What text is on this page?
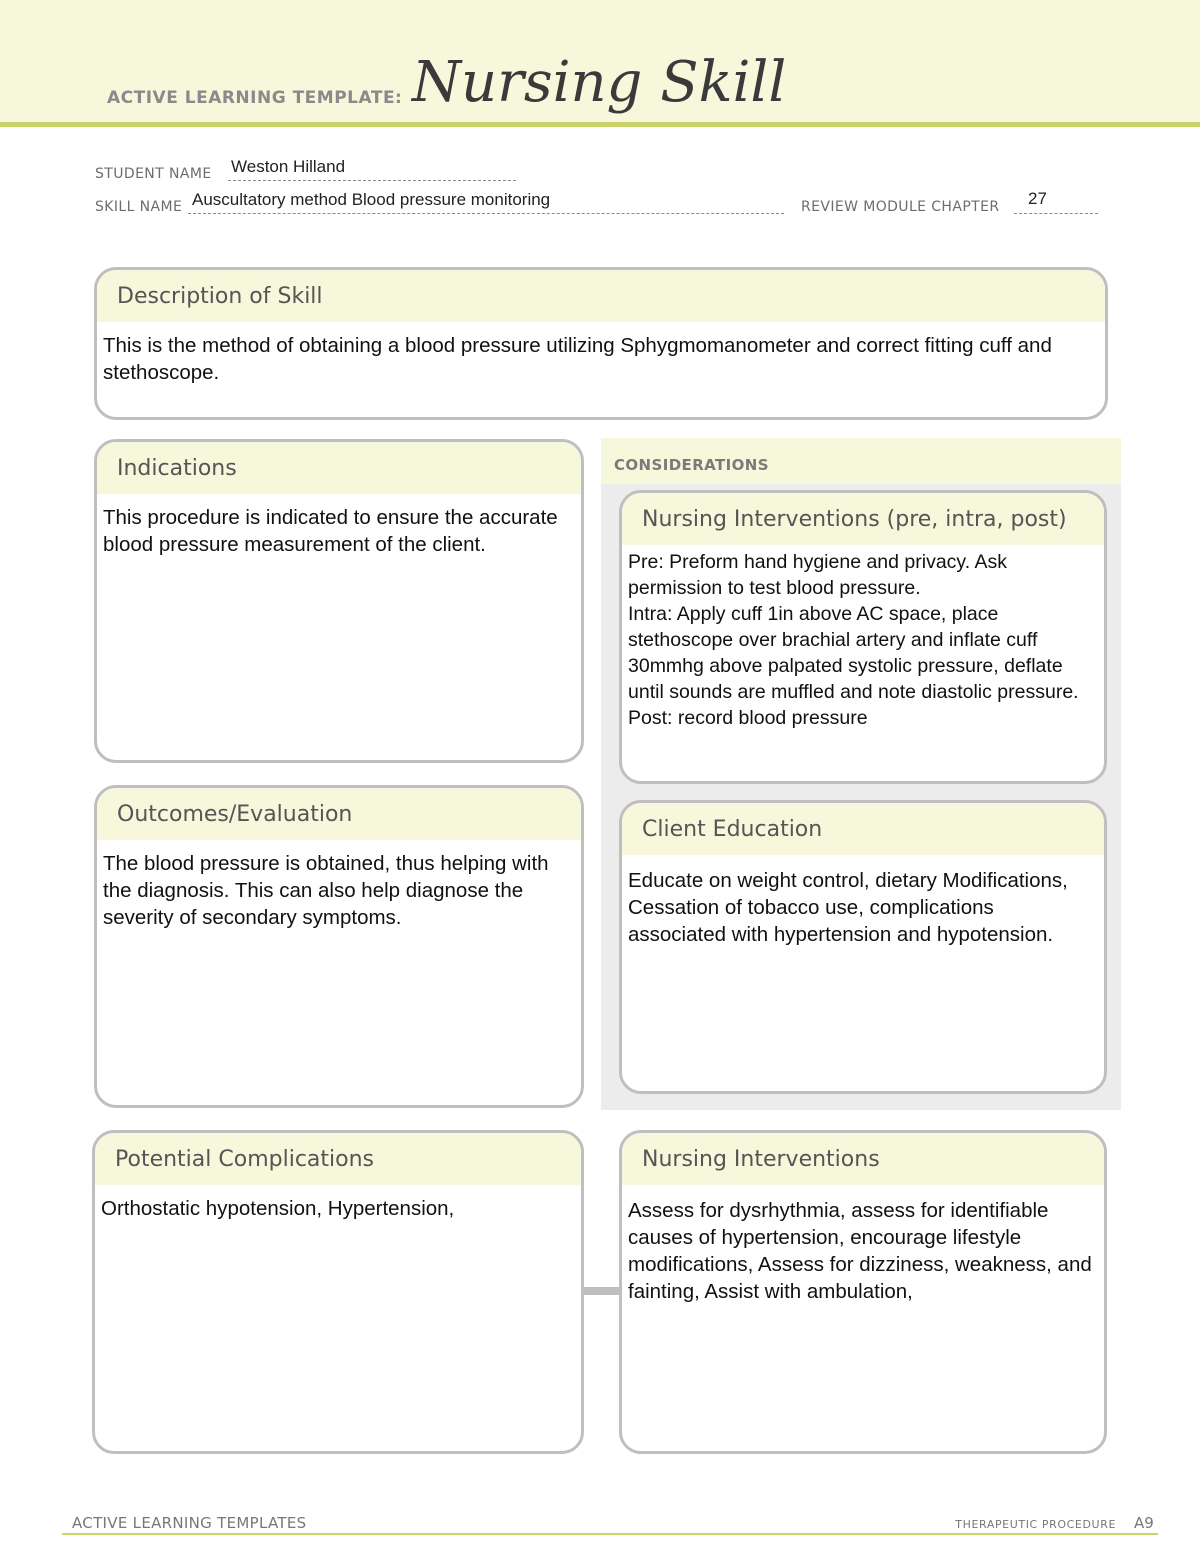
ACTIVE LEARNING TEMPLATE: Nursing Skill
STUDENT NAME Weston Hilland
SKILL NAME Auscultatory method Blood pressure monitoring	REVIEW MODULE CHAPTER 27
Description of Skill
This is the method of obtaining a blood pressure utilizing Sphygmomanometer and correct fitting cuff and stethoscope.
Indications
This procedure is indicated to ensure the accurate blood pressure measurement of the client.
Outcomes/Evaluation
The blood pressure is obtained, thus helping with the diagnosis. This can also help diagnose the severity of secondary symptoms.
CONSIDERATIONS
Nursing Interventions (pre, intra, post)
Pre: Preform hand hygiene and privacy. Ask permission to test blood pressure.
Intra: Apply cuff 1in above AC space, place stethoscope over brachial artery and inflate cuff 30mmhg above palpated systolic pressure, deflate until sounds are muffled and note diastolic pressure.
Post: record blood pressure
Client Education
Educate on weight control, dietary Modifications, Cessation of tobacco use, complications associated with hypertension and hypotension.
Potential Complications
Orthostatic hypotension, Hypertension,
Nursing Interventions
Assess for dysrhythmia, assess for identifiable causes of hypertension, encourage lifestyle modifications, Assess for dizziness, weakness, and fainting, Assist with ambulation,
ACTIVE LEARNING TEMPLATES	THERAPEUTIC PROCEDURE A9
